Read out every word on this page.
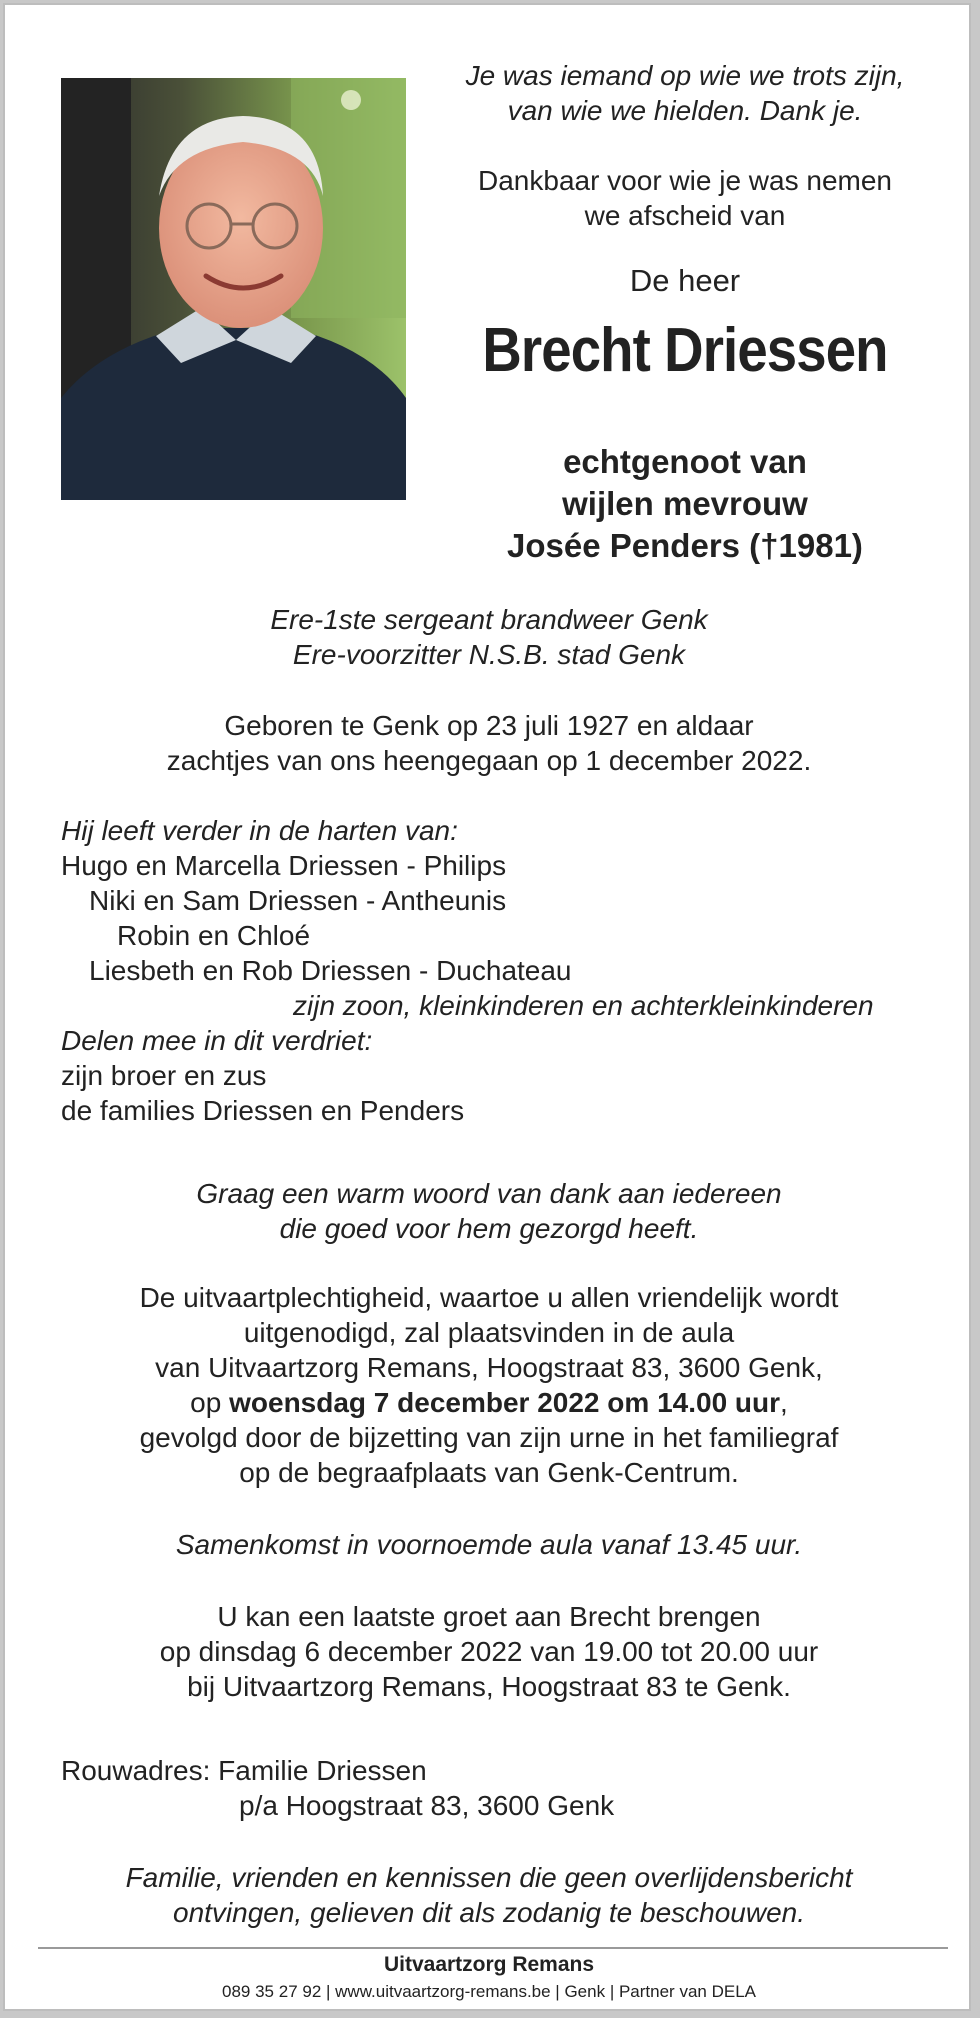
Je was iemand op wie we trots zijn,
van wie we hielden. Dank je.
Dankbaar voor wie je was nemen
we afscheid van
De heer
Brecht Driessen
echtgenoot van
wijlen mevrouw
Josée Penders (†1981)
Ere-1ste sergeant brandweer Genk
Ere-voorzitter N.S.B. stad Genk
Geboren te Genk op 23 juli 1927 en aldaar
zachtjes van ons heengegaan op 1 december 2022.
Hij leeft verder in de harten van:
Hugo en Marcella Driessen - Philips
Niki en Sam Driessen - Antheunis
Robin en Chloé
Liesbeth en Rob Driessen - Duchateau
zijn zoon, kleinkinderen en achterkleinkinderen
Delen mee in dit verdriet:
zijn broer en zus
de families Driessen en Penders
Graag een warm woord van dank aan iedereen
die goed voor hem gezorgd heeft.
De uitvaartplechtigheid, waartoe u allen vriendelijk wordt
uitgenodigd, zal plaatsvinden in de aula
van Uitvaartzorg Remans, Hoogstraat 83, 3600 Genk,
op woensdag 7 december 2022 om 14.00 uur,
gevolgd door de bijzetting van zijn urne in het familiegraf
op de begraafplaats van Genk-Centrum.
Samenkomst in voornoemde aula vanaf 13.45 uur.
U kan een laatste groet aan Brecht brengen
op dinsdag 6 december 2022 van 19.00 tot 20.00 uur
bij Uitvaartzorg Remans, Hoogstraat 83 te Genk.
Rouwadres: Familie Driessen
p/a Hoogstraat 83, 3600 Genk
Familie, vrienden en kennissen die geen overlijdensbericht
ontvingen, gelieven dit als zodanig te beschouwen.
Uitvaartzorg Remans
089 35 27 92 | www.uitvaartzorg-remans.be | Genk | Partner van DELA
